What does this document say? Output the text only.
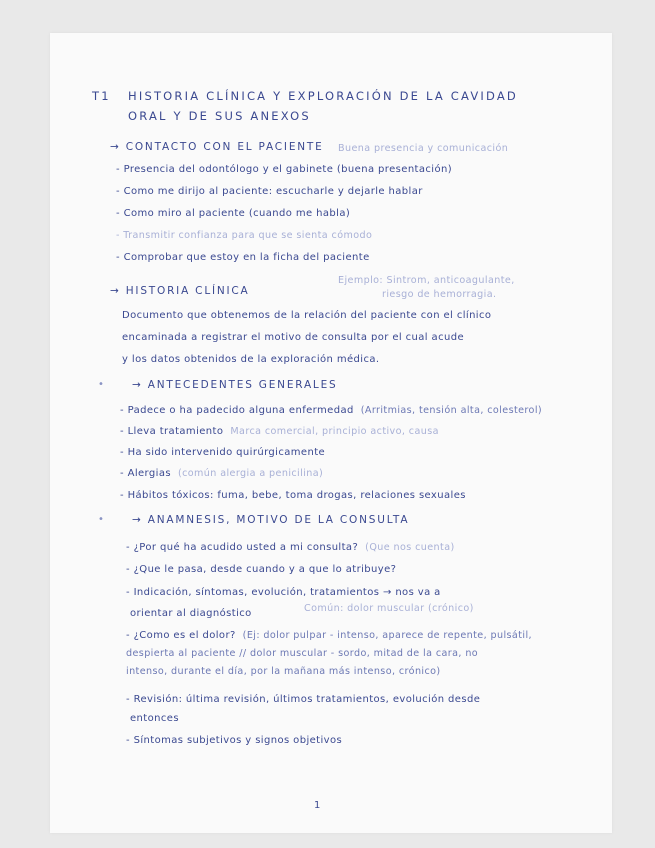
T1 HISTORIA CLÍNICA Y EXPLORACIÓN DE LA CAVIDAD

ORAL Y DE SUS ANEXOS

→ CONTACTO CON EL PACIENTE Buena presencia y comunicación

- Presencia del odontólogo y el gabinete (buena presentación)

- Como me dirijo al paciente: escucharle y dejarle hablar

- Como miro al paciente (cuando me habla)

- Transmitir confianza para que se sienta cómodo

- Comprobar que estoy en la ficha del paciente

Ejemplo: Sintrom, anticoagulante,

→ HISTORIA CLÍNICA	riesgo de hemorragia.

Documento que obtenemos de la relación del paciente con el clínico

encaminada a registrar el motivo de consulta por el cual acude

y los datos obtenidos de la exploración médica.

•	→ ANTECEDENTES GENERALES

- Padece o ha padecido alguna enfermedad (Arritmias, tensión alta, colesterol)

- Lleva tratamiento Marca comercial, principio activo, causa

- Ha sido intervenido quirúrgicamente

- Alergias (común alergia a penicilina)

- Hábitos tóxicos: fuma, bebe, toma drogas, relaciones sexuales

•	→ ANAMNESIS, MOTIVO DE LA CONSULTA

- ¿Por qué ha acudido usted a mi consulta? (Que nos cuenta)

- ¿Que le pasa, desde cuando y a que lo atribuye?

- Indicación, síntomas, evolución, tratamientos → nos va a

orientar al diagnóstico	Común: dolor muscular (crónico)

- ¿Como es el dolor? (Ej: dolor pulpar - intenso, aparece de repente, pulsátil,

despierta al paciente // dolor muscular - sordo, mitad de la cara, no

intenso, durante el día, por la mañana más intenso, crónico)

- Revisión: última revisión, últimos tratamientos, evolución desde

entonces

- Síntomas subjetivos y signos objetivos

1
